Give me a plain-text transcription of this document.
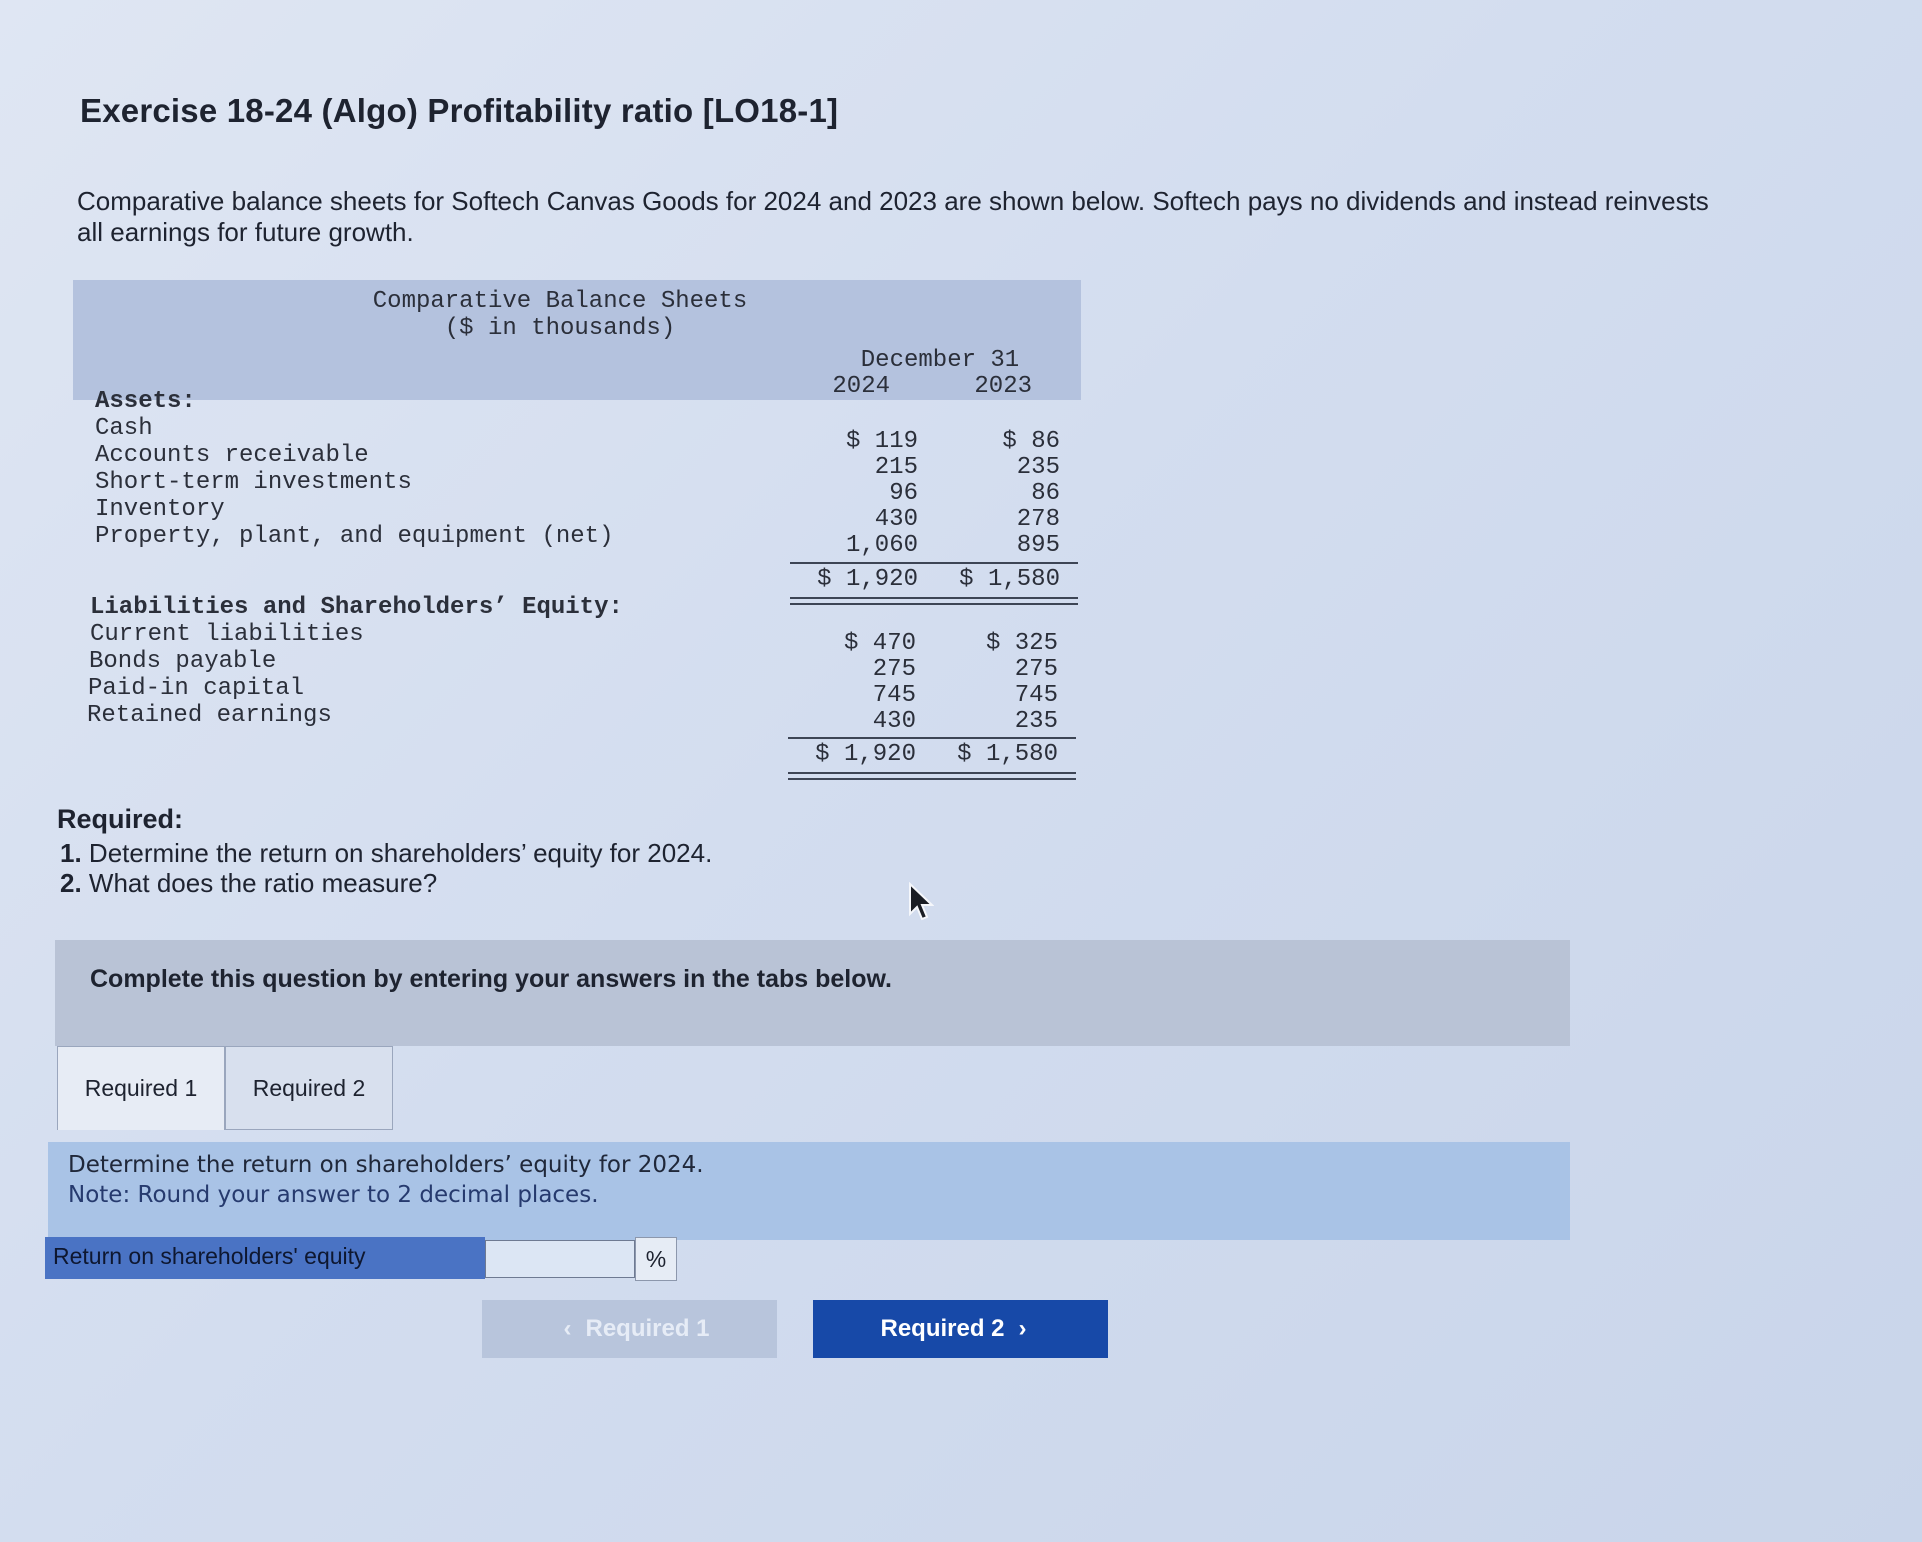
Exercise 18-24 (Algo) Profitability ratio [LO18-1]
Comparative balance sheets for Softech Canvas Goods for 2024 and 2023 are shown below. Softech pays no dividends and instead reinvests all earnings for future growth.
Comparative Balance Sheets
($ in thousands)
December 31
2024	2023
Assets:
Cash	$ 119	$ 86
Accounts receivable	215	235
Short-term investments	96	86
Inventory	430	278
Property, plant, and equipment (net)	1,060	895
$ 1,920	$ 1,580
Liabilities and Shareholders’ Equity:
Current liabilities	$ 470	$ 325
Bonds payable	275	275
Paid-in capital	745	745
Retained earnings	430	235
$ 1,920	$ 1,580
Required:
1. Determine the return on shareholders’ equity for 2024.
2. What does the ratio measure?
Complete this question by entering your answers in the tabs below.
Required 1	Required 2
Determine the return on shareholders’ equity for 2024.
Note: Round your answer to 2 decimal places.
Return on shareholders' equity	%
‹ Required 1	Required 2 ›
